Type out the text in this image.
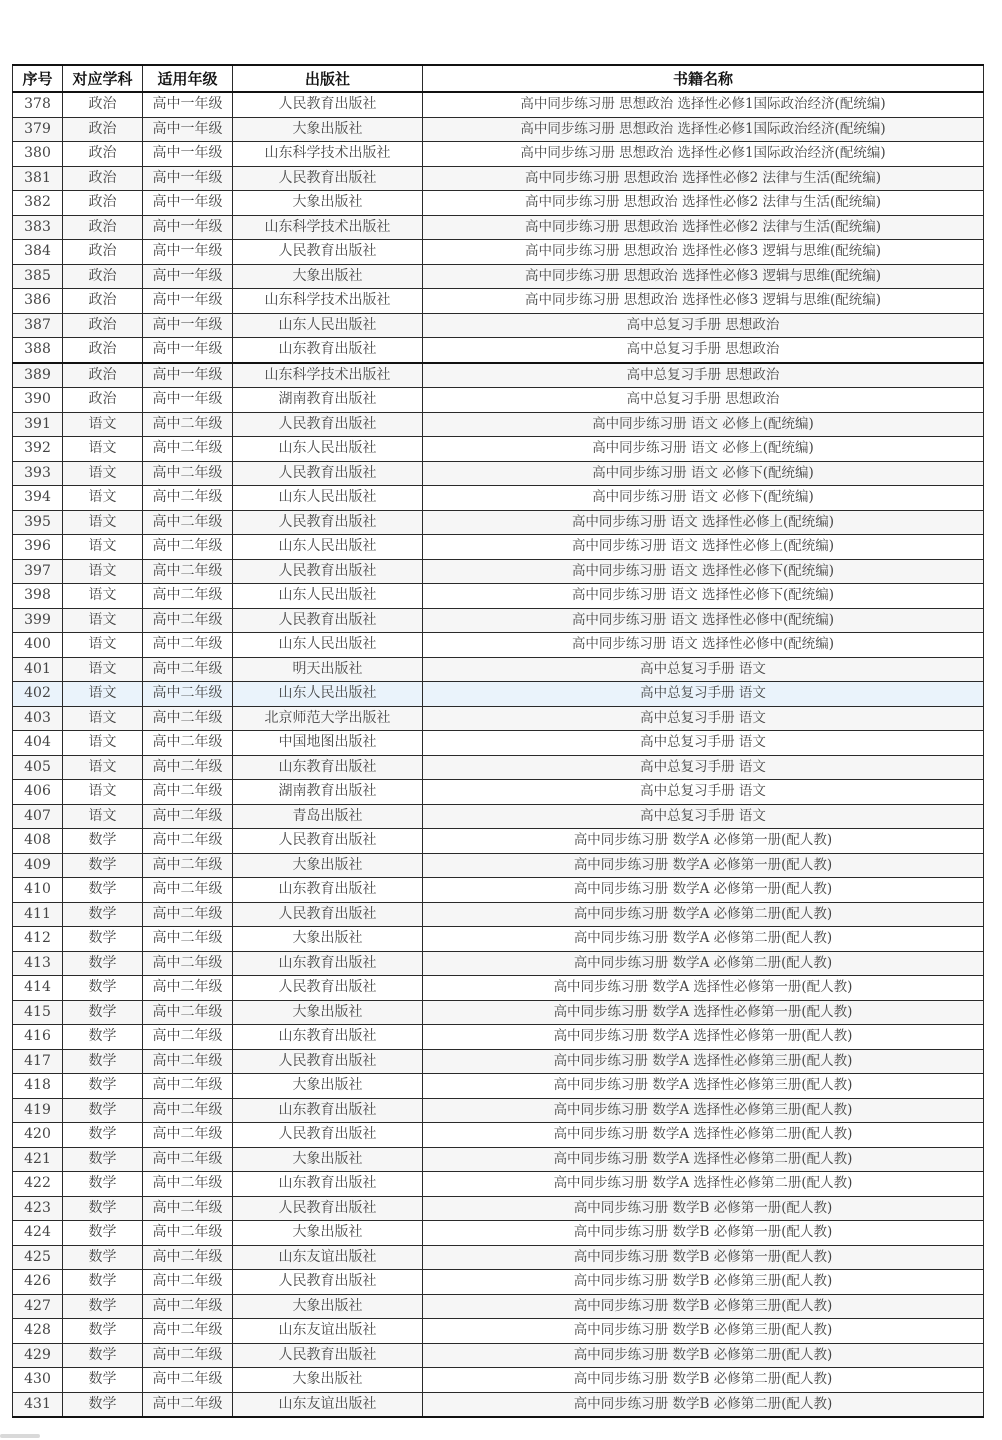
序号	对应学科	适用年级	出版社	书籍名称
378	政治	高中一年级	人民教育出版社	高中同步练习册 思想政治 选择性必修1国际政治经济(配统编)
379	政治	高中一年级	大象出版社	高中同步练习册 思想政治 选择性必修1国际政治经济(配统编)
380	政治	高中一年级	山东科学技术出版社	高中同步练习册 思想政治 选择性必修1国际政治经济(配统编)
381	政治	高中一年级	人民教育出版社	高中同步练习册 思想政治 选择性必修2 法律与生活(配统编)
382	政治	高中一年级	大象出版社	高中同步练习册 思想政治 选择性必修2 法律与生活(配统编)
383	政治	高中一年级	山东科学技术出版社	高中同步练习册 思想政治 选择性必修2 法律与生活(配统编)
384	政治	高中一年级	人民教育出版社	高中同步练习册 思想政治 选择性必修3 逻辑与思维(配统编)
385	政治	高中一年级	大象出版社	高中同步练习册 思想政治 选择性必修3 逻辑与思维(配统编)
386	政治	高中一年级	山东科学技术出版社	高中同步练习册 思想政治 选择性必修3 逻辑与思维(配统编)
387	政治	高中一年级	山东人民出版社	高中总复习手册 思想政治
388	政治	高中一年级	山东教育出版社	高中总复习手册 思想政治
389	政治	高中一年级	山东科学技术出版社	高中总复习手册 思想政治
390	政治	高中一年级	湖南教育出版社	高中总复习手册 思想政治
391	语文	高中二年级	人民教育出版社	高中同步练习册 语文 必修上(配统编)
392	语文	高中二年级	山东人民出版社	高中同步练习册 语文 必修上(配统编)
393	语文	高中二年级	人民教育出版社	高中同步练习册 语文 必修下(配统编)
394	语文	高中二年级	山东人民出版社	高中同步练习册 语文 必修下(配统编)
395	语文	高中二年级	人民教育出版社	高中同步练习册 语文 选择性必修上(配统编)
396	语文	高中二年级	山东人民出版社	高中同步练习册 语文 选择性必修上(配统编)
397	语文	高中二年级	人民教育出版社	高中同步练习册 语文 选择性必修下(配统编)
398	语文	高中二年级	山东人民出版社	高中同步练习册 语文 选择性必修下(配统编)
399	语文	高中二年级	人民教育出版社	高中同步练习册 语文 选择性必修中(配统编)
400	语文	高中二年级	山东人民出版社	高中同步练习册 语文 选择性必修中(配统编)
401	语文	高中二年级	明天出版社	高中总复习手册 语文
402	语文	高中二年级	山东人民出版社	高中总复习手册 语文
403	语文	高中二年级	北京师范大学出版社	高中总复习手册 语文
404	语文	高中二年级	中国地图出版社	高中总复习手册 语文
405	语文	高中二年级	山东教育出版社	高中总复习手册 语文
406	语文	高中二年级	湖南教育出版社	高中总复习手册 语文
407	语文	高中二年级	青岛出版社	高中总复习手册 语文
408	数学	高中二年级	人民教育出版社	高中同步练习册 数学A 必修第一册(配人教)
409	数学	高中二年级	大象出版社	高中同步练习册 数学A 必修第一册(配人教)
410	数学	高中二年级	山东教育出版社	高中同步练习册 数学A 必修第一册(配人教)
411	数学	高中二年级	人民教育出版社	高中同步练习册 数学A 必修第二册(配人教)
412	数学	高中二年级	大象出版社	高中同步练习册 数学A 必修第二册(配人教)
413	数学	高中二年级	山东教育出版社	高中同步练习册 数学A 必修第二册(配人教)
414	数学	高中二年级	人民教育出版社	高中同步练习册 数学A 选择性必修第一册(配人教)
415	数学	高中二年级	大象出版社	高中同步练习册 数学A 选择性必修第一册(配人教)
416	数学	高中二年级	山东教育出版社	高中同步练习册 数学A 选择性必修第一册(配人教)
417	数学	高中二年级	人民教育出版社	高中同步练习册 数学A 选择性必修第三册(配人教)
418	数学	高中二年级	大象出版社	高中同步练习册 数学A 选择性必修第三册(配人教)
419	数学	高中二年级	山东教育出版社	高中同步练习册 数学A 选择性必修第三册(配人教)
420	数学	高中二年级	人民教育出版社	高中同步练习册 数学A 选择性必修第二册(配人教)
421	数学	高中二年级	大象出版社	高中同步练习册 数学A 选择性必修第二册(配人教)
422	数学	高中二年级	山东教育出版社	高中同步练习册 数学A 选择性必修第二册(配人教)
423	数学	高中二年级	人民教育出版社	高中同步练习册 数学B 必修第一册(配人教)
424	数学	高中二年级	大象出版社	高中同步练习册 数学B 必修第一册(配人教)
425	数学	高中二年级	山东友谊出版社	高中同步练习册 数学B 必修第一册(配人教)
426	数学	高中二年级	人民教育出版社	高中同步练习册 数学B 必修第三册(配人教)
427	数学	高中二年级	大象出版社	高中同步练习册 数学B 必修第三册(配人教)
428	数学	高中二年级	山东友谊出版社	高中同步练习册 数学B 必修第三册(配人教)
429	数学	高中二年级	人民教育出版社	高中同步练习册 数学B 必修第二册(配人教)
430	数学	高中二年级	大象出版社	高中同步练习册 数学B 必修第二册(配人教)
431	数学	高中二年级	山东友谊出版社	高中同步练习册 数学B 必修第二册(配人教)
